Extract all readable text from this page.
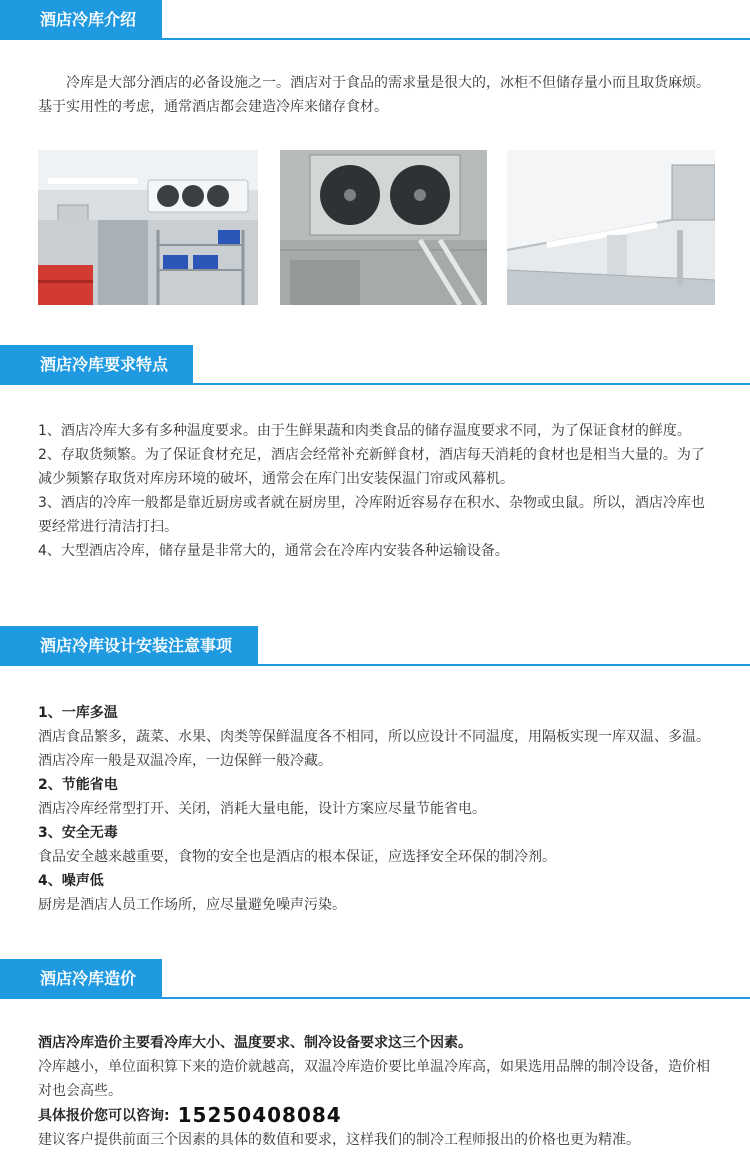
酒店冷库介绍

冷库是大部分酒店的必备设施之一。酒店对于食品的需求量是很大的，冰柜不但储存量小而且取货麻烦。基于实用性的考虑，通常酒店都会建造冷库来储存食材。

酒店冷库要求特点

1、酒店冷库大多有多种温度要求。由于生鲜果蔬和肉类食品的储存温度要求不同，为了保证食材的鲜度。

2、存取货频繁。为了保证食材充足，酒店会经常补充新鲜食材，酒店每天消耗的食材也是相当大量的。为了减少频繁存取货对库房环境的破坏，通常会在库门出安装保温门帘或风幕机。

3、酒店的冷库一般都是靠近厨房或者就在厨房里，冷库附近容易存在积水、杂物或虫鼠。所以，酒店冷库也要经常进行清洁打扫。

4、大型酒店冷库，储存量是非常大的，通常会在冷库内安装各种运输设备。

酒店冷库设计安装注意事项

1、一库多温

酒店食品繁多，蔬菜、水果、肉类等保鲜温度各不相同，所以应设计不同温度，用隔板实现一库双温、多温。酒店冷库一般是双温冷库，一边保鲜一般冷藏。

2、节能省电

酒店冷库经常型打开、关闭，消耗大量电能，设计方案应尽量节能省电。

3、安全无毒

食品安全越来越重要，食物的安全也是酒店的根本保证，应选择安全环保的制冷剂。

4、噪声低

厨房是酒店人员工作场所，应尽量避免噪声污染。

酒店冷库造价

酒店冷库造价主要看冷库大小、温度要求、制冷设备要求这三个因素。

冷库越小，单位面积算下来的造价就越高，双温冷库造价要比单温冷库高，如果选用品牌的制冷设备，造价相对也会高些。

具体报价您可以咨询: 15250408084

建议客户提供前面三个因素的具体的数值和要求，这样我们的制冷工程师报出的价格也更为精准。
